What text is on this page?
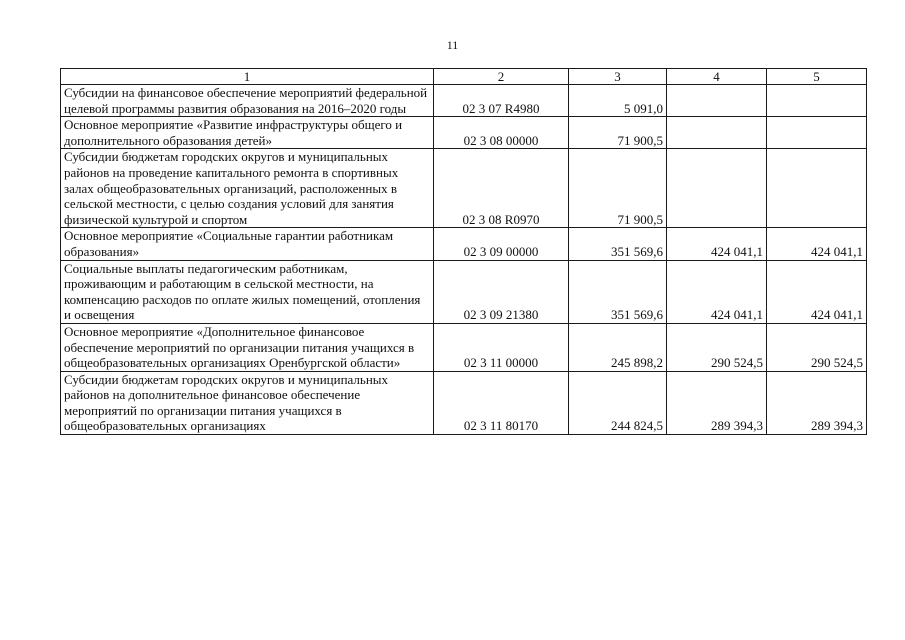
11
1	2	3	4	5
Субсидии на финансовое обеспечение мероприятий федеральной целевой программы развития образования на 2016–2020 годы	02 3 07 R4980	5 091,0		
Основное мероприятие «Развитие инфраструктуры общего и дополнительного образования детей»	02 3 08 00000	71 900,5		
Субсидии бюджетам городских округов и муниципальных районов на проведение капитального ремонта в спортивных залах общеобразовательных организаций, расположенных в сельской местности, с целью создания условий для занятия физической культурой и спортом	02 3 08 R0970	71 900,5		
Основное мероприятие «Социальные гарантии работникам образования»	02 3 09 00000	351 569,6	424 041,1	424 041,1
Социальные выплаты педагогическим работникам, проживающим и работающим в сельской местности, на компенсацию расходов по оплате жилых помещений, отопления и освещения	02 3 09 21380	351 569,6	424 041,1	424 041,1
Основное мероприятие «Дополнительное финансовое обеспечение мероприятий по организации питания учащихся в общеобразовательных организациях Оренбургской области»	02 3 11 00000	245 898,2	290 524,5	290 524,5
Субсидии бюджетам городских округов и муниципальных районов на дополнительное финансовое обеспечение мероприятий по организации питания учащихся в общеобразовательных организациях	02 3 11 80170	244 824,5	289 394,3	289 394,3
